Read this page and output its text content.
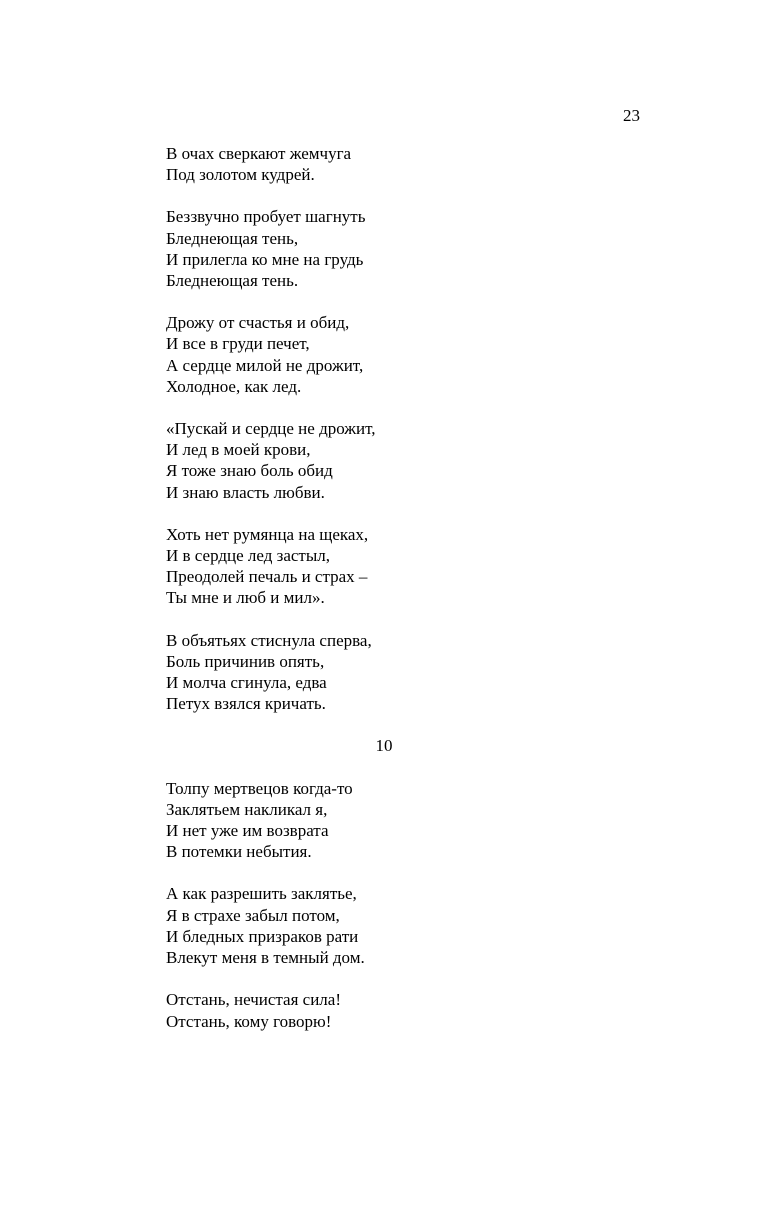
23
В очах сверкают жемчуга
Под золотом кудрей.
Беззвучно пробует шагнуть
Бледнеющая тень,
И прилегла ко мне на грудь
Бледнеющая тень.
Дрожу от счастья и обид,
И все в груди печет,
А сердце милой не дрожит,
Холодное, как лед.
«Пускай и сердце не дрожит,
И лед в моей крови,
Я тоже знаю боль обид
И знаю власть любви.
Хоть нет румянца на щеках,
И в сердце лед застыл,
Преодолей печаль и страх –
Ты мне и люб и мил».
В объятьях стиснула сперва,
Боль причинив опять,
И молча сгинула, едва
Петух взялся кричать.
10
Толпу мертвецов когда-то
Заклятьем накликал я,
И нет уже им возврата
В потемки небытия.
А как разрешить заклятье,
Я в страхе забыл потом,
И бледных призраков рати
Влекут меня в темный дом.
Отстань, нечистая сила!
Отстань, кому говорю!
